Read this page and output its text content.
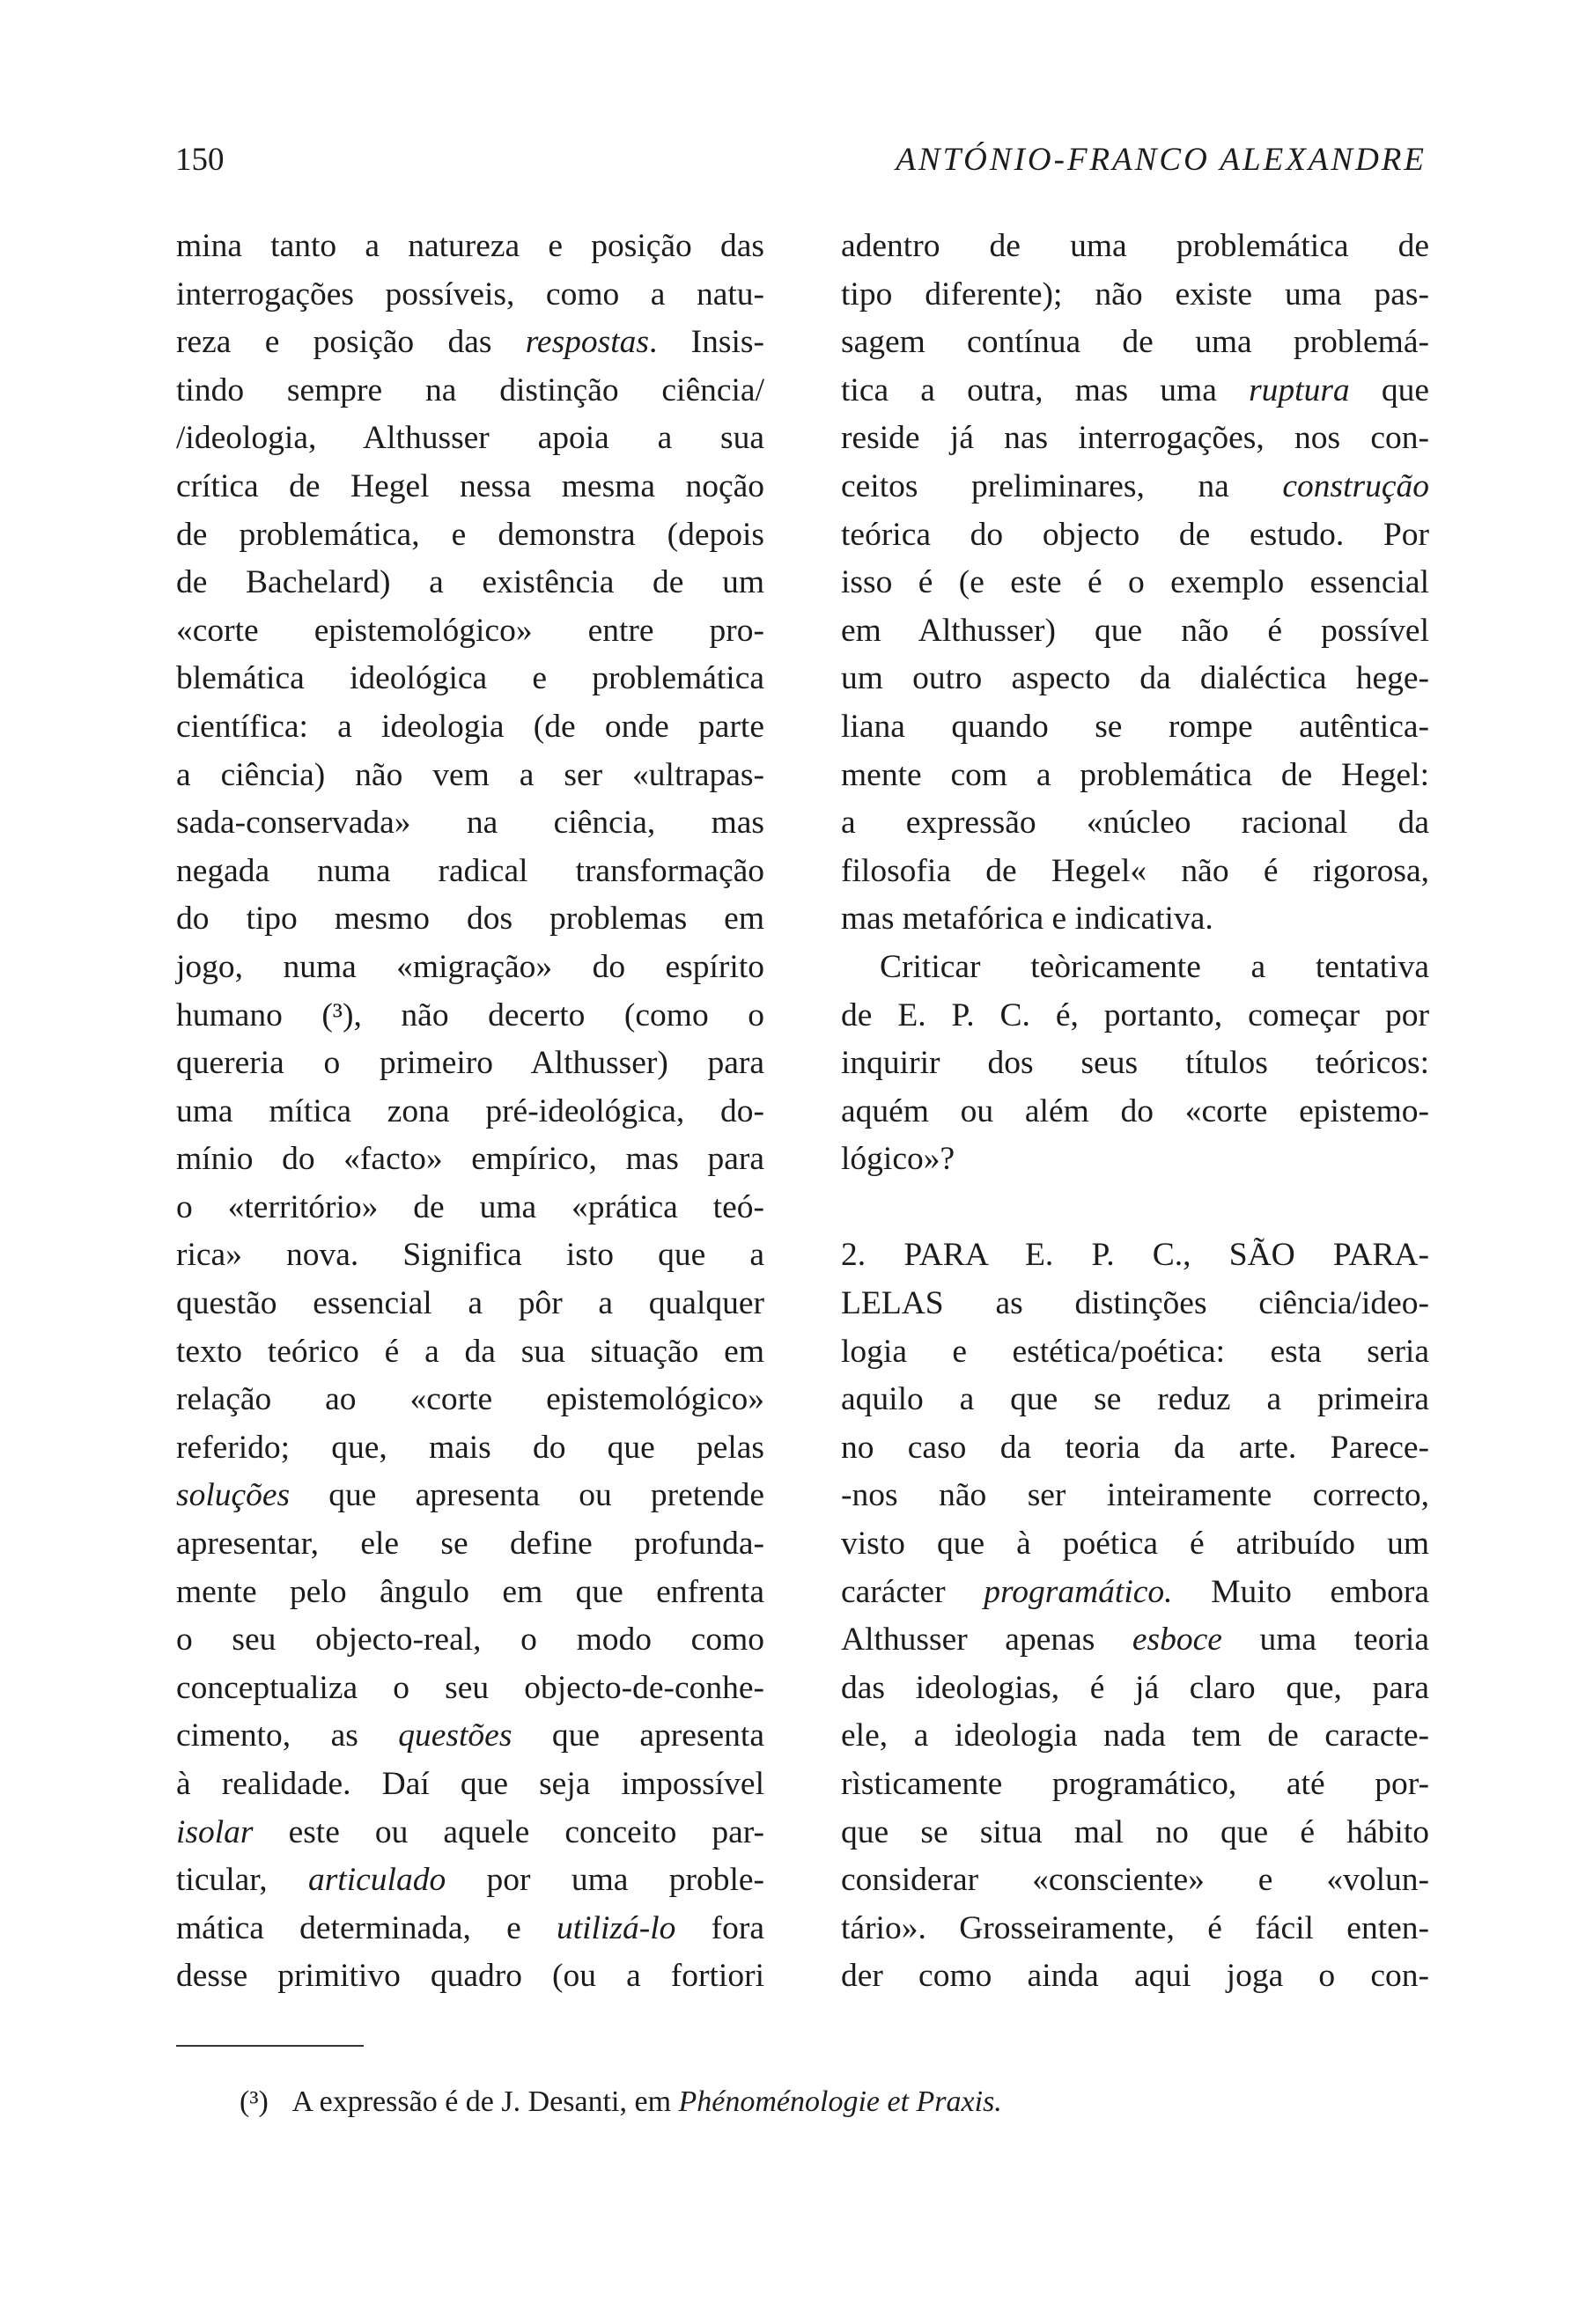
150	ANTÓNIO-FRANCO ALEXANDRE
mina tanto a natureza e posição das
interrogações possíveis, como a natu-
reza e posição das respostas. Insis-
tindo sempre na distinção ciência/
/ideologia, Althusser apoia a sua
crítica de Hegel nessa mesma noção
de problemática, e demonstra (depois
de Bachelard) a existência de um
«corte epistemológico» entre pro-
blemática ideológica e problemática
científica: a ideologia (de onde parte
a ciência) não vem a ser «ultrapas-
sada-conservada» na ciência, mas
negada numa radical transformação
do tipo mesmo dos problemas em
jogo, numa «migração» do espírito
humano (³), não decerto (como o
quereria o primeiro Althusser) para
uma mítica zona pré-ideológica, do-
mínio do «facto» empírico, mas para
o «território» de uma «prática teó-
rica» nova. Significa isto que a
questão essencial a pôr a qualquer
texto teórico é a da sua situação em
relação ao «corte epistemológico»
referido; que, mais do que pelas
soluções que apresenta ou pretende
apresentar, ele se define profunda-
mente pelo ângulo em que enfrenta
o seu objecto-real, o modo como
conceptualiza o seu objecto-de-conhe-
cimento, as questões que apresenta
à realidade. Daí que seja impossível
isolar este ou aquele conceito par-
ticular, articulado por uma proble-
mática determinada, e utilizá-lo fora
desse primitivo quadro (ou a fortiori
adentro de uma problemática de
tipo diferente); não existe uma pas-
sagem contínua de uma problemá-
tica a outra, mas uma ruptura que
reside já nas interrogações, nos con-
ceitos preliminares, na construção
teórica do objecto de estudo. Por
isso é (e este é o exemplo essencial
em Althusser) que não é possível
um outro aspecto da dialéctica hege-
liana quando se rompe autêntica-
mente com a problemática de Hegel:
a expressão «núcleo racional da
filosofia de Hegel« não é rigorosa,
mas metafórica e indicativa.
Criticar teòricamente a tentativa
de E. P. C. é, portanto, começar por
inquirir dos seus títulos teóricos:
aquém ou além do «corte epistemo-
lógico»?
2. PARA E. P. C., SÃO PARA-
LELAS as distinções ciência/ideo-
logia e estética/poética: esta seria
aquilo a que se reduz a primeira
no caso da teoria da arte. Parece-
-nos não ser inteiramente correcto,
visto que à poética é atribuído um
carácter programático. Muito embora
Althusser apenas esboce uma teoria
das ideologias, é já claro que, para
ele, a ideologia nada tem de caracte-
rìsticamente programático, até por-
que se situa mal no que é hábito
considerar «consciente» e «volun-
tário». Grosseiramente, é fácil enten-
der como ainda aqui joga o con-
(³) A expressão é de J. Desanti, em Phénoménologie et Praxis.
